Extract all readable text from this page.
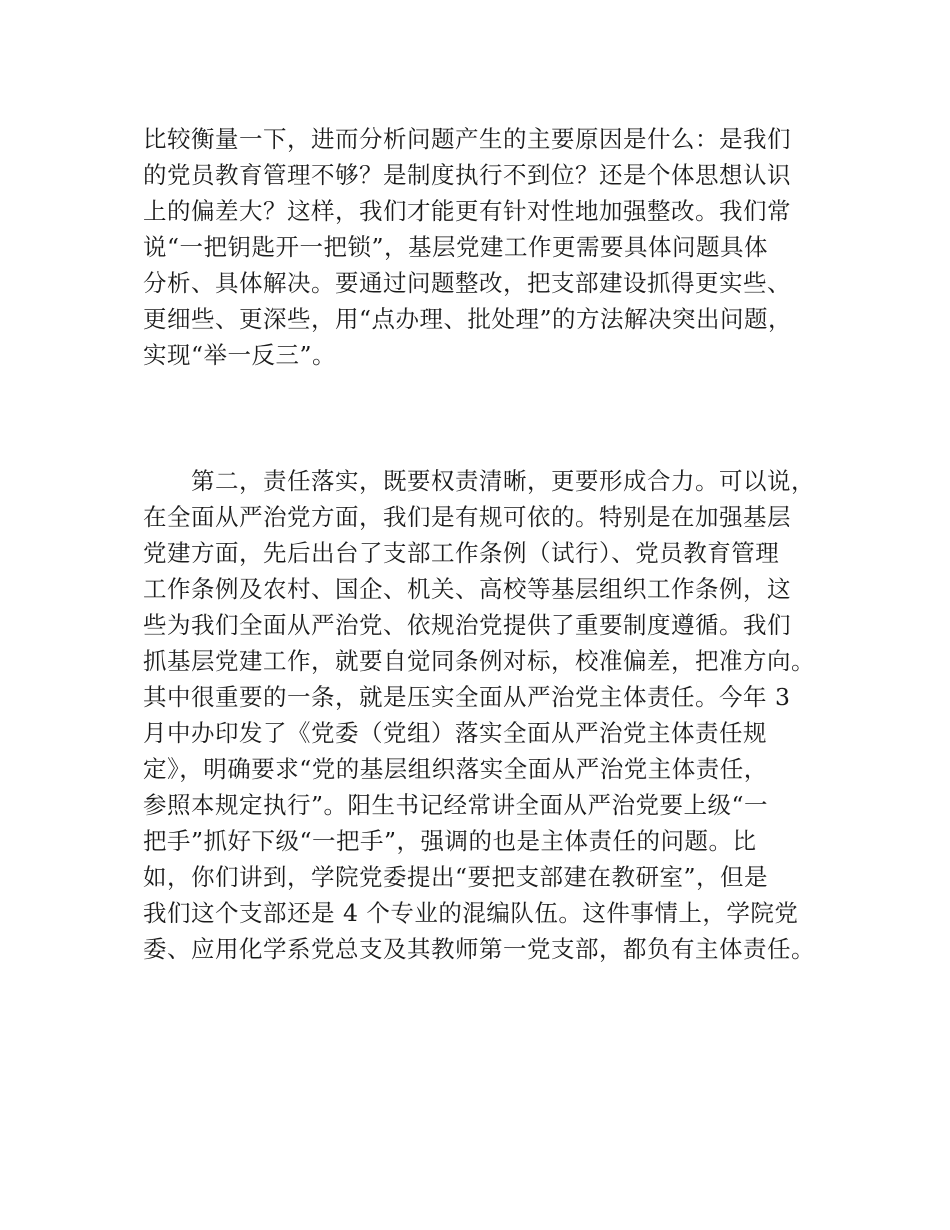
比较衡量一下，进而分析问题产生的主要原因是什么：是我们
的党员教育管理不够？是制度执行不到位？还是个体思想认识
上的偏差大？这样，我们才能更有针对性地加强整改。我们常
说“一把钥匙开一把锁”，基层党建工作更需要具体问题具体
分析、具体解决。要通过问题整改，把支部建设抓得更实些、
更细些、更深些，用“点办理、批处理”的方法解决突出问题，
实现“举一反三”。
第二，责任落实，既要权责清晰，更要形成合力。可以说，
在全面从严治党方面，我们是有规可依的。特别是在加强基层
党建方面，先后出台了支部工作条例（试行）、党员教育管理
工作条例及农村、国企、机关、高校等基层组织工作条例，这
些为我们全面从严治党、依规治党提供了重要制度遵循。我们
抓基层党建工作，就要自觉同条例对标，校准偏差，把准方向。
其中很重要的一条，就是压实全面从严治党主体责任。今年 3
月中办印发了《党委（党组）落实全面从严治党主体责任规
定》，明确要求“党的基层组织落实全面从严治党主体责任，
参照本规定执行”。阳生书记经常讲全面从严治党要上级“一
把手”抓好下级“一把手”，强调的也是主体责任的问题。比
如，你们讲到，学院党委提出“要把支部建在教研室”，但是
我们这个支部还是 4 个专业的混编队伍。这件事情上，学院党
委、应用化学系党总支及其教师第一党支部，都负有主体责任。
